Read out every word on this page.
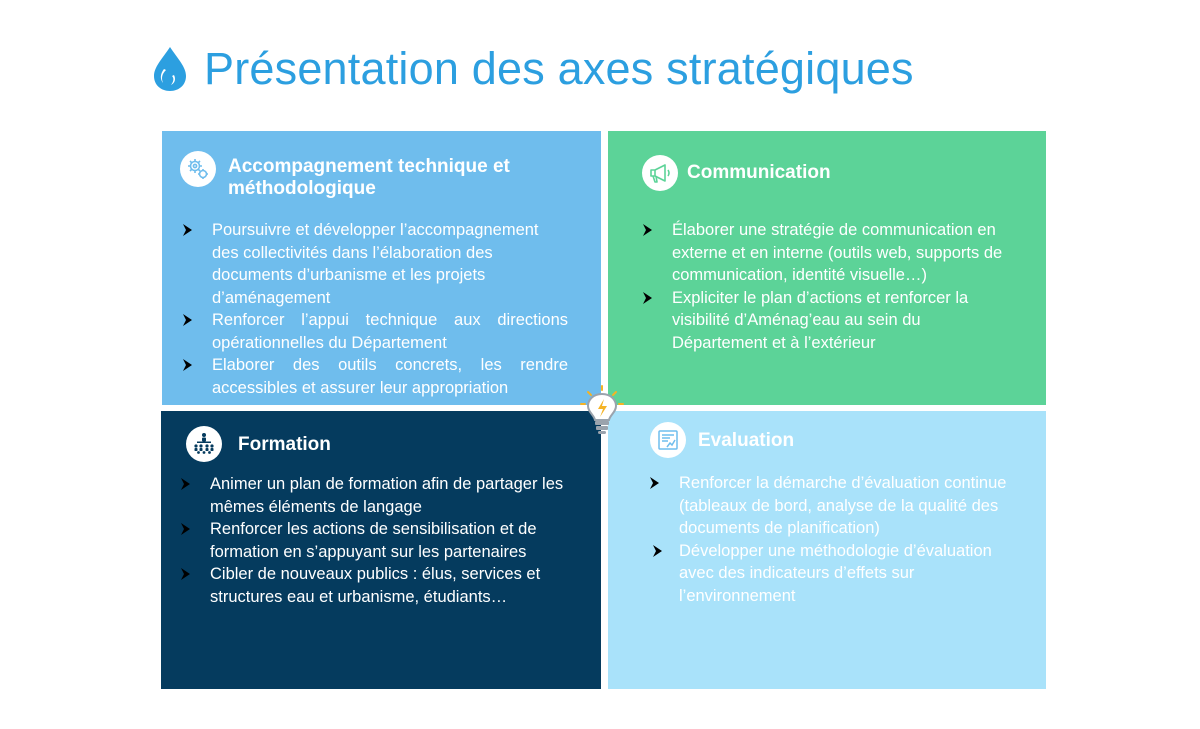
Présentation des axes stratégiques
Accompagnement technique et méthodologique
Poursuivre et développer l’accompagnement des collectivités dans l’élaboration des documents d’urbanisme et les projets d’aménagement
Renforcer l’appui technique aux directions opérationnelles du Département
Elaborer des outils concrets, les rendre accessibles et assurer leur appropriation
Communication
Élaborer une stratégie de communication en externe et en interne (outils web, supports de communication, identité visuelle…)
Expliciter le plan d’actions et renforcer la visibilité d’Aménag’eau au sein du Département et à l’extérieur
Formation
Animer un plan de formation afin de partager les mêmes éléments de langage
Renforcer les actions de sensibilisation et de formation en s’appuyant sur les partenaires
Cibler de nouveaux publics : élus, services et structures eau et urbanisme, étudiants…
Evaluation
Renforcer la démarche d’évaluation continue (tableaux de bord, analyse de la qualité des documents de planification)
Développer une méthodologie d’évaluation avec des indicateurs d’effets sur l’environnement
